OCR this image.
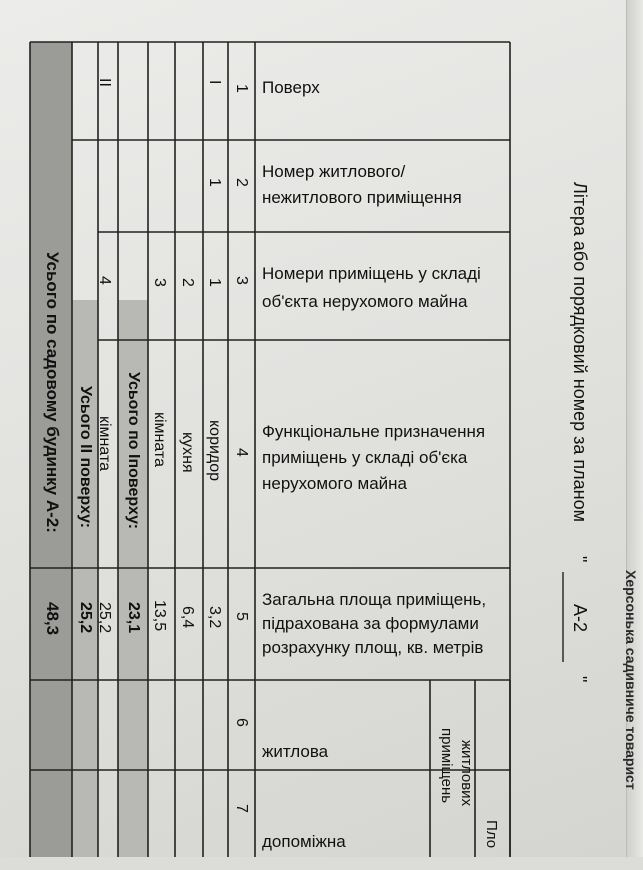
Херсонька садивниче товарист
Поверх
Номер житлового/
нежитлового приміщення
Номери приміщень у складі
об'єкта нерухомого майна
Функціональне призначення
приміщень у складі об'єка
нерухомого майна
Загальна площа приміщень,
підрахована за формулами
розрахунку площ, кв. метрів
житлова
допоміжна
житлових
приміщень
Пло
Літера або порядковий номер за планом
"
А-2
"
1
2
3
4
5
6
7
I
1
1
коридор
3,2
2
кухня
6,4
3
кімната
13,5
Усього по Iповерху:
23,1
II
4
кімната
25,2
Усього II поверху:
25,2
Усього по садовому будинку А-2:
48,3
